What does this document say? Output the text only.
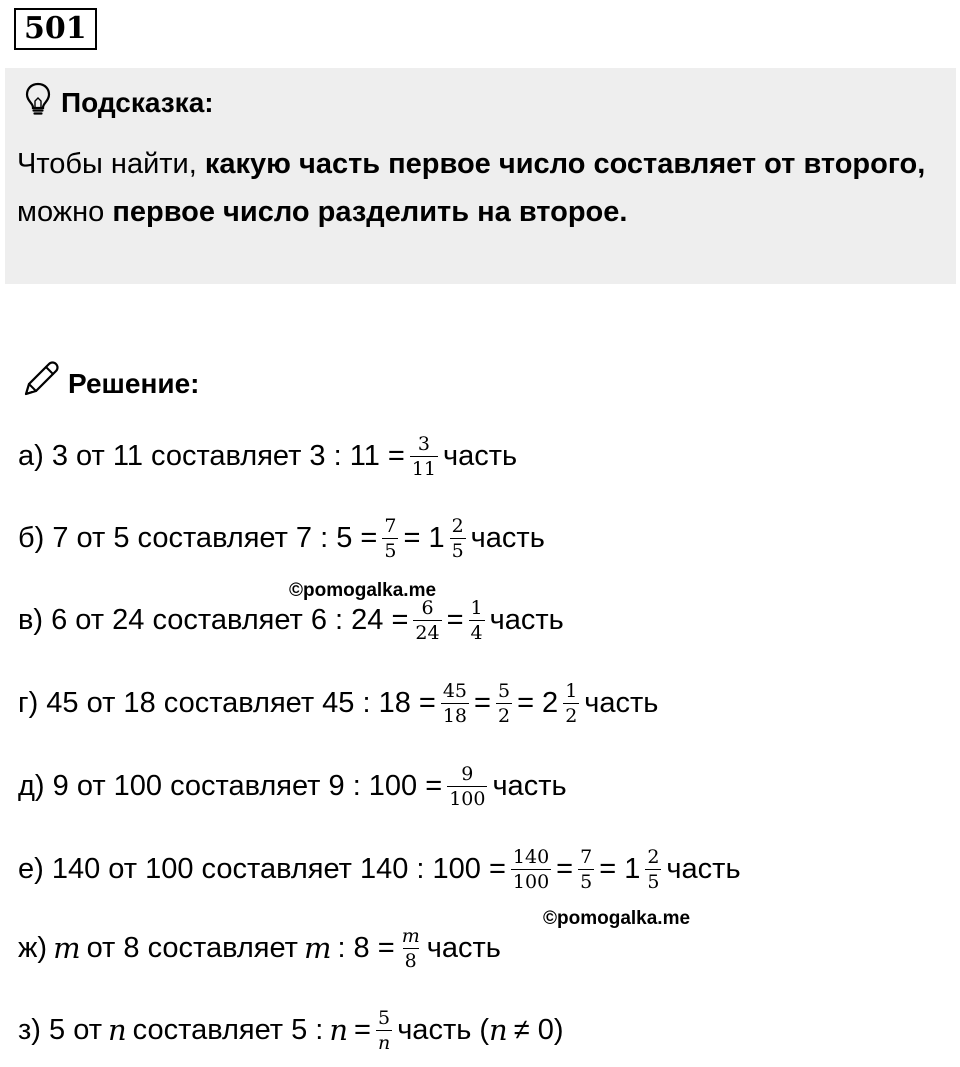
501
Подсказка:
Чтобы найти, какую часть первое число составляет от второго, можно первое число разделить на второе.
Решение:
а) 3 от 11 составляет 3 : $11 = \frac{3}{11}$ часть
б) 7 от 5 составляет 7 : $5 = \frac{7}{5} = 1 \frac{2}{5}$ часть
©pomogalka.me
в) 6 от 24 составляет 6 : $24 = \frac{6}{24} = \frac{1}{4}$ часть
г) 45 от 18 составляет 45 : $18 = \frac{45}{18} = \frac{5}{2} = 2 \frac{1}{2}$ часть
д) 9 от 100 составляет 9 : $100 = \frac{9}{100}$ часть
е) 140 от 100 составляет 140 : $100 = \frac{140}{100} = \frac{7}{5} = 1 \frac{2}{5}$ часть
©pomogalka.me
ж) m от 8 составляет m : $8 = \frac{m}{8}$ часть
з) 5 от n составляет 5 : $n = \frac{5}{n}$ часть ( n ≠ 0)
